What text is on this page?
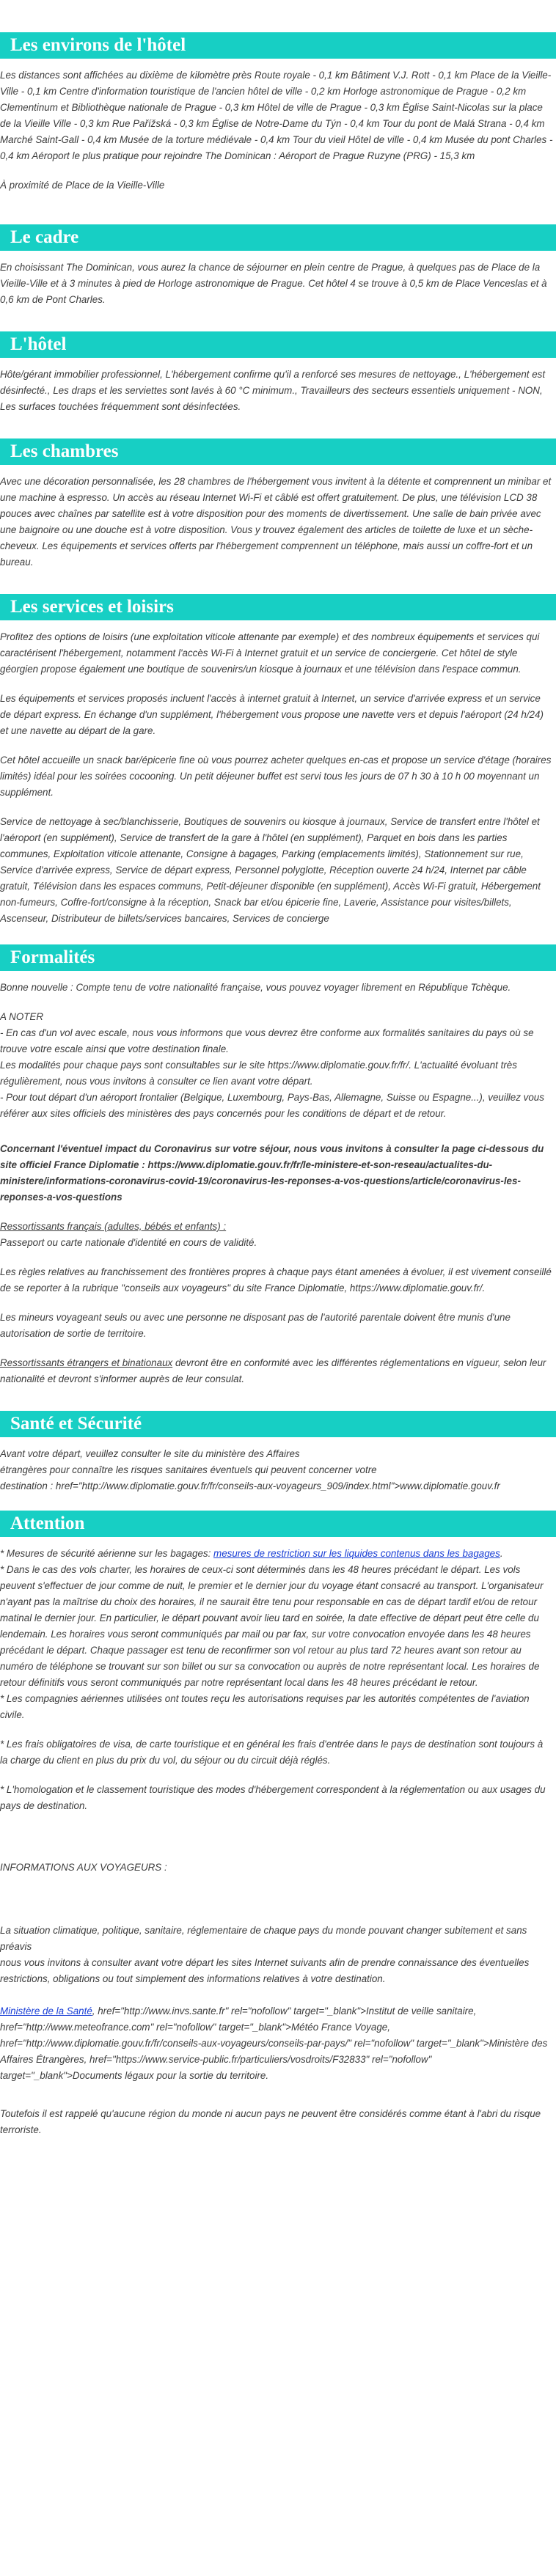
Les environs de l'hôtel

Les distances sont affichées au dixième de kilomètre près Route royale - 0,1 km Bâtiment V.J. Rott - 0,1 km Place de la Vieille-Ville - 0,1 km Centre d'information touristique de l'ancien hôtel de ville - 0,2 km Horloge astronomique de Prague - 0,2 km Clementinum et Bibliothèque nationale de Prague - 0,3 km Hôtel de ville de Prague - 0,3 km Église Saint-Nicolas sur la place de la Vieille Ville - 0,3 km Rue Pařížská - 0,3 km Église de Notre-Dame du Týn - 0,4 km Tour du pont de Malá Strana - 0,4 km Marché Saint-Gall - 0,4 km Musée de la torture médiévale - 0,4 km Tour du vieil Hôtel de ville - 0,4 km Musée du pont Charles - 0,4 km Aéroport le plus pratique pour rejoindre The Dominican : Aéroport de Prague Ruzyne (PRG) - 15,3 km

À proximité de Place de la Vieille-Ville

Le cadre

En choisissant The Dominican, vous aurez la chance de séjourner en plein centre de Prague, à quelques pas de Place de la Vieille-Ville et à 3 minutes à pied de Horloge astronomique de Prague. Cet hôtel 4 se trouve à 0,5 km de Place Venceslas et à 0,6 km de Pont Charles.

L'hôtel

Hôte/gérant immobilier professionnel, L'hébergement confirme qu'il a renforcé ses mesures de nettoyage., L'hébergement est désinfecté., Les draps et les serviettes sont lavés à 60 °C minimum., Travailleurs des secteurs essentiels uniquement - NON, Les surfaces touchées fréquemment sont désinfectées.

Les chambres

Avec une décoration personnalisée, les 28 chambres de l'hébergement vous invitent à la détente et comprennent un minibar et une machine à espresso. Un accès au réseau Internet Wi-Fi et câblé est offert gratuitement. De plus, une télévision LCD 38 pouces avec chaînes par satellite est à votre disposition pour des moments de divertissement. Une salle de bain privée avec une baignoire ou une douche est à votre disposition. Vous y trouvez également des articles de toilette de luxe et un sèche-cheveux. Les équipements et services offerts par l'hébergement comprennent un téléphone, mais aussi un coffre-fort et un bureau.

Les services et loisirs

Profitez des options de loisirs (une exploitation viticole attenante par exemple) et des nombreux équipements et services qui caractérisent l'hébergement, notamment l'accès Wi-Fi à Internet gratuit et un service de conciergerie. Cet hôtel de style géorgien propose également une boutique de souvenirs/un kiosque à journaux et une télévision dans l'espace commun.

Les équipements et services proposés incluent l'accès à internet gratuit à Internet, un service d'arrivée express et un service de départ express. En échange d'un supplément, l'hébergement vous propose une navette vers et depuis l'aéroport (24 h/24) et une navette au départ de la gare.

Cet hôtel accueille un snack bar/épicerie fine où vous pourrez acheter quelques en-cas et propose un service d'étage (horaires limités) idéal pour les soirées cocooning. Un petit déjeuner buffet est servi tous les jours de 07 h 30 à 10 h 00 moyennant un supplément.

Service de nettoyage à sec/blanchisserie, Boutiques de souvenirs ou kiosque à journaux, Service de transfert entre l'hôtel et l'aéroport (en supplément), Service de transfert de la gare à l'hôtel (en supplément), Parquet en bois dans les parties communes, Exploitation viticole attenante, Consigne à bagages, Parking (emplacements limités), Stationnement sur rue, Service d'arrivée express, Service de départ express, Personnel polyglotte, Réception ouverte 24 h/24, Internet par câble gratuit, Télévision dans les espaces communs, Petit-déjeuner disponible (en supplément), Accès Wi-Fi gratuit, Hébergement non-fumeurs, Coffre-fort/consigne à la réception, Snack bar et/ou épicerie fine, Laverie, Assistance pour visites/billets, Ascenseur, Distributeur de billets/services bancaires, Services de concierge

Formalités

Bonne nouvelle : Compte tenu de votre nationalité française, vous pouvez voyager librement en République Tchèque.

A NOTER

- En cas d'un vol avec escale, nous vous informons que vous devrez être conforme aux formalités sanitaires du pays où se trouve votre escale ainsi que votre destination finale.

Les modalités pour chaque pays sont consultables sur le site https://www.diplomatie.gouv.fr/fr/. L'actualité évoluant très régulièrement, nous vous invitons à consulter ce lien avant votre départ.

- Pour tout départ d'un aéroport frontalier (Belgique, Luxembourg, Pays-Bas, Allemagne, Suisse ou Espagne...), veuillez vous référer aux sites officiels des ministères des pays concernés pour les conditions de départ et de retour.

Concernant l'éventuel impact du Coronavirus sur votre séjour, nous vous invitons à consulter la page ci-dessous du site officiel France Diplomatie : https://www.diplomatie.gouv.fr/fr/le-ministere-et-son-reseau/actualites-du-ministere/informations-coronavirus-covid-19/coronavirus-les-reponses-a-vos-questions/article/coronavirus-les-reponses-a-vos-questions

Ressortissants français (adultes, bébés et enfants) :

Passeport ou carte nationale d'identité en cours de validité.

Les règles relatives au franchissement des frontières propres à chaque pays étant amenées à évoluer, il est vivement conseillé de se reporter à la rubrique "conseils aux voyageurs" du site France Diplomatie, https://www.diplomatie.gouv.fr/.

Les mineurs voyageant seuls ou avec une personne ne disposant pas de l'autorité parentale doivent être munis d'une autorisation de sortie de territoire.

Ressortissants étrangers et binationaux devront être en conformité avec les différentes réglementations en vigueur, selon leur nationalité et devront s'informer auprès de leur consulat.

Santé et Sécurité

Avant votre départ, veuillez consulter le site du ministère des Affaires
étrangères pour connaître les risques sanitaires éventuels qui peuvent concerner votre
destination : href="http://www.diplomatie.gouv.fr/fr/conseils-aux-voyageurs_909/index.html">www.diplomatie.gouv.fr

Attention

* Mesures de sécurité aérienne sur les bagages: mesures de restriction sur les liquides contenus dans les bagages.

* Dans le cas des vols charter, les horaires de ceux-ci sont déterminés dans les 48 heures précédant le départ. Les vols peuvent s'effectuer de jour comme de nuit, le premier et le dernier jour du voyage étant consacré au transport. L'organisateur n'ayant pas la maîtrise du choix des horaires, il ne saurait être tenu pour responsable en cas de départ tardif et/ou de retour matinal le dernier jour. En particulier, le départ pouvant avoir lieu tard en soirée, la date effective de départ peut être celle du lendemain. Les horaires vous seront communiqués par mail ou par fax, sur votre convocation envoyée dans les 48 heures précédant le départ. Chaque passager est tenu de reconfirmer son vol retour au plus tard 72 heures avant son retour au numéro de téléphone se trouvant sur son billet ou sur sa convocation ou auprès de notre représentant local. Les horaires de retour définitifs vous seront communiqués par notre représentant local dans les 48 heures précédant le retour.

* Les compagnies aériennes utilisées ont toutes reçu les autorisations requises par les autorités compétentes de l'aviation civile.

* Les frais obligatoires de visa, de carte touristique et en général les frais d'entrée dans le pays de destination sont toujours à la charge du client en plus du prix du vol, du séjour ou du circuit déjà réglés.

* L'homologation et le classement touristique des modes d'hébergement correspondent à la réglementation ou aux usages du pays de destination.

INFORMATIONS AUX VOYAGEURS :

La situation climatique, politique, sanitaire, réglementaire de chaque pays du monde pouvant changer subitement et sans préavis

nous vous invitons à consulter avant votre départ les sites Internet suivants afin de prendre connaissance des éventuelles restrictions, obligations ou tout simplement des informations relatives à votre destination.

Ministère de la Santé, href="http://www.invs.sante.fr" rel="nofollow" target="_blank">Institut de veille sanitaire, href="http://www.meteofrance.com" rel="nofollow" target="_blank">Météo France Voyage, href="http://www.diplomatie.gouv.fr/fr/conseils-aux-voyageurs/conseils-par-pays/" rel="nofollow" target="_blank">Ministère des Affaires Étrangères, href="https://www.service-public.fr/particuliers/vosdroits/F32833" rel="nofollow" target="_blank">Documents légaux pour la sortie du territoire.

Toutefois il est rappelé qu'aucune région du monde ni aucun pays ne peuvent être considérés comme étant à l'abri du risque terroriste.
